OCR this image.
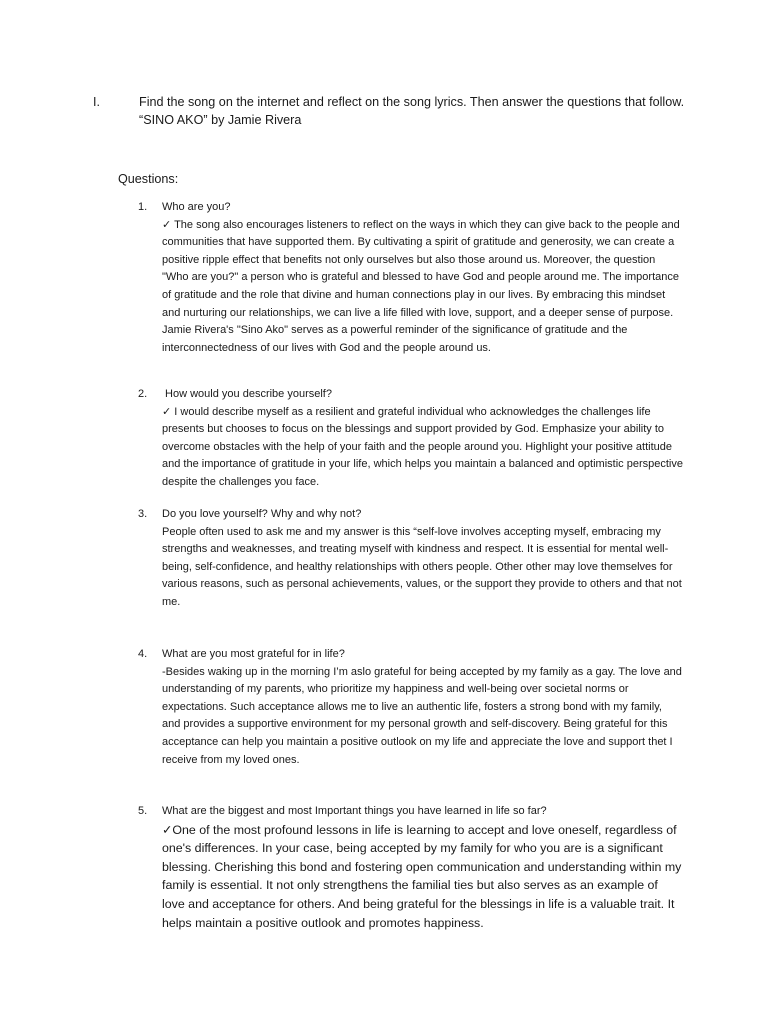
I.	Find the song on the internet and reflect on the song lyrics. Then answer the questions that follow. “SINO AKO” by Jamie Rivera
Questions:
1.	Who are you?
✓ The song also encourages listeners to reflect on the ways in which they can give back to the people and communities that have supported them. By cultivating a spirit of gratitude and generosity, we can create a positive ripple effect that benefits not only ourselves but also those around us. Moreover, the question "Who are you?" a person who is grateful and blessed to have God and people around me. The importance of gratitude and the role that divine and human connections play in our lives. By embracing this mindset and nurturing our relationships, we can live a life filled with love, support, and a deeper sense of purpose. Jamie Rivera's "Sino Ako" serves as a powerful reminder of the significance of gratitude and the interconnectedness of our lives with God and the people around us.
2.	How would you describe yourself?
✓ I would describe myself as a resilient and grateful individual who acknowledges the challenges life presents but chooses to focus on the blessings and support provided by God. Emphasize your ability to overcome obstacles with the help of your faith and the people around you. Highlight your positive attitude and the importance of gratitude in your life, which helps you maintain a balanced and optimistic perspective despite the challenges you face.
3.	Do you love yourself? Why and why not?
People often used to ask me and my answer is this “self-love involves accepting myself, embracing my strengths and weaknesses, and treating myself with kindness and respect. It is essential for mental well-being, self-confidence, and healthy relationships with others people. Other other may love themselves for various reasons, such as personal achievements, values, or the support they provide to others and that not me.
4.	What are you most grateful for in life?
-Besides waking up in the morning I’m aslo grateful for being accepted by my family as a gay. The love and understanding of my parents, who prioritize my happiness and well-being over societal norms or expectations. Such acceptance allows me to live an authentic life, fosters a strong bond with my family, and provides a supportive environment for my personal growth and self-discovery. Being grateful for this acceptance can help you maintain a positive outlook on my life and appreciate the love and support thet I receive from my loved ones.
5.	What are the biggest and most Important things you have learned in life so far?
✓One of the most profound lessons in life is learning to accept and love oneself, regardless of one's differences. In your case, being accepted by my family for who you are is a significant blessing. Cherishing this bond and fostering open communication and understanding within my family is essential. It not only strengthens the familial ties but also serves as an example of love and acceptance for others. And being grateful for the blessings in life is a valuable trait. It helps maintain a positive outlook and promotes happiness.
